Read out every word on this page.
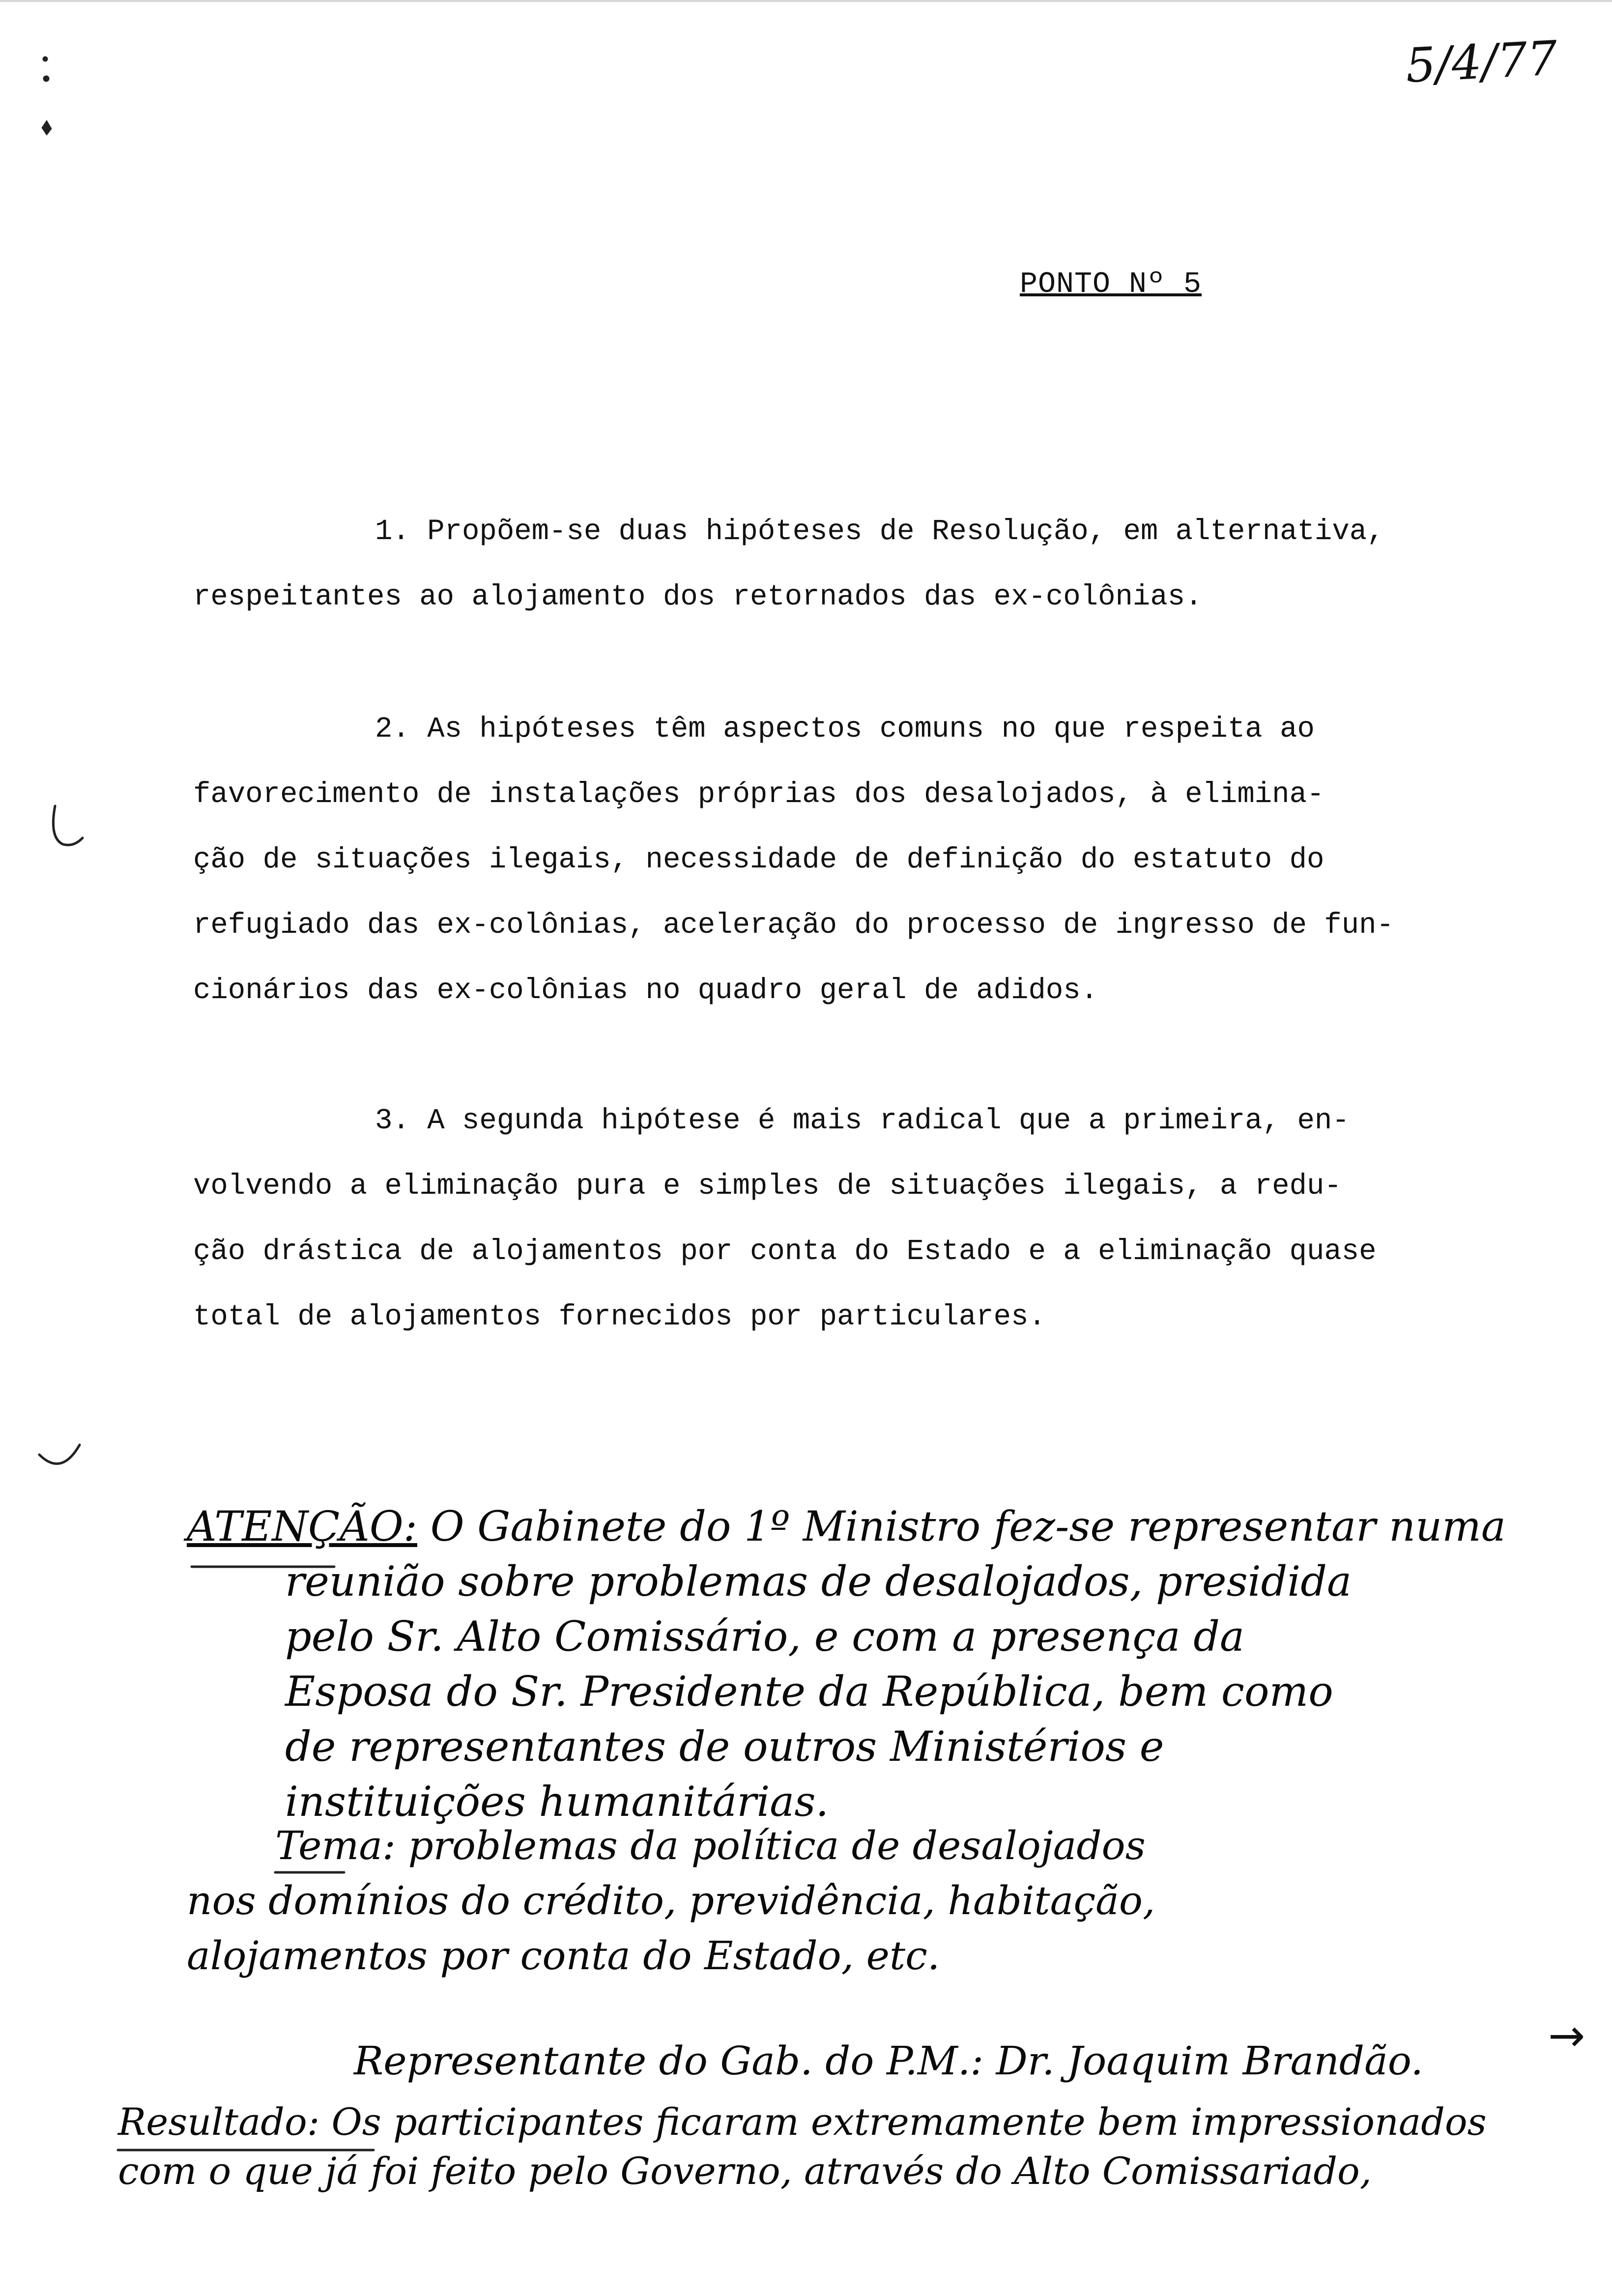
5/4/77
PONTO Nº 5

1. Propõem-se duas hipóteses de Resolução, em alternativa,

respeitantes ao alojamento dos retornados das ex-colônias.

2. As hipóteses têm aspectos comuns no que respeita ao

favorecimento de instalações próprias dos desalojados, à elimina-

ção de situações ilegais, necessidade de definição do estatuto do

refugiado das ex-colônias, aceleração do processo de ingresso de fun-

cionários das ex-colônias no quadro geral de adidos.

3. A segunda hipótese é mais radical que a primeira, en-

volvendo a eliminação pura e simples de situações ilegais, a redu-

ção drástica de alojamentos por conta do Estado e a eliminação quase

total de alojamentos fornecidos por particulares.

ATENÇÃO: O Gabinete do 1º Ministro fez-se representar numa

reunião sobre problemas de desalojados, presidida

pelo Sr. Alto Comissário, e com a presença da

Esposa do Sr. Presidente da República, bem como

de representantes de outros Ministérios e

instituições humanitárias.

Tema: problemas da política de desalojados

nos domínios do crédito, previdência, habitação,

alojamentos por conta do Estado, etc.

Representante do Gab. do P.M.: Dr. Joaquim Brandão.	→

Resultado: Os participantes ficaram extremamente bem impressionados

com o que já foi feito pelo Governo, através do Alto Comissariado,
